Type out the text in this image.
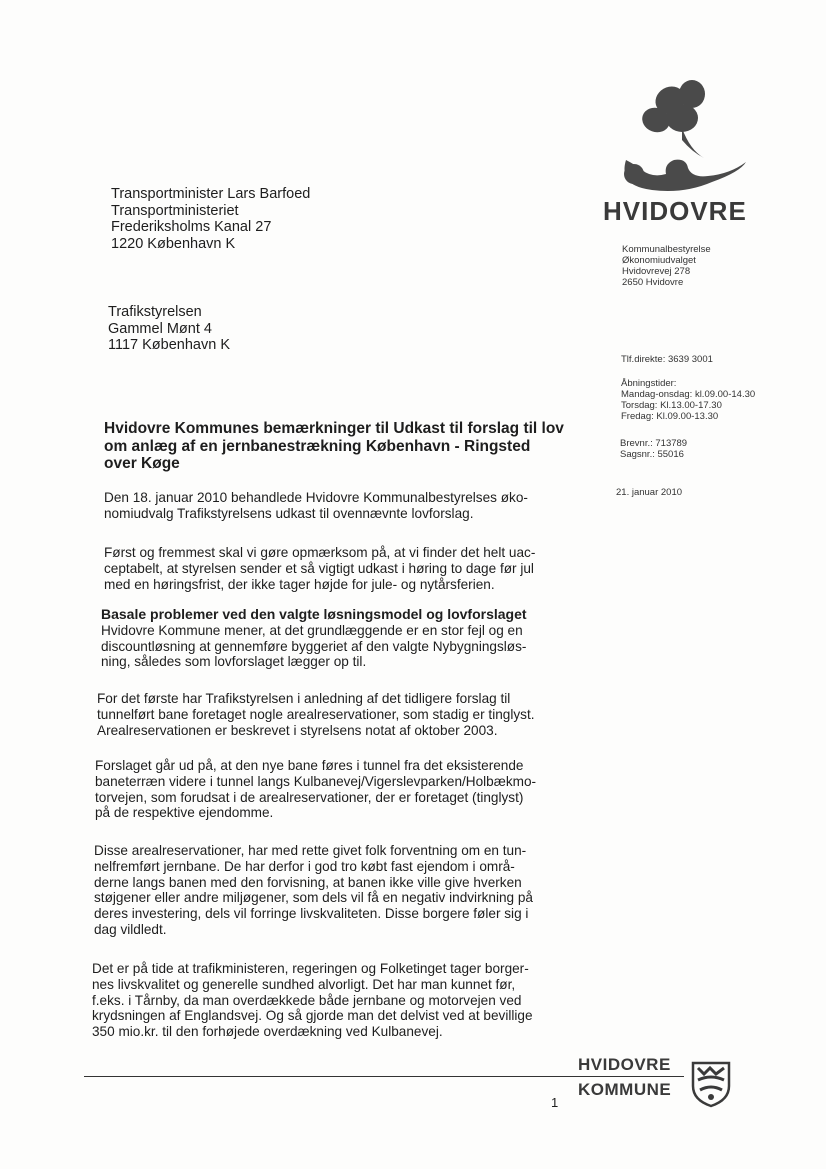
HVIDOVRE
Transportminister Lars Barfoed
Transportministeriet
Frederiksholms Kanal 27
1220 København K
Trafikstyrelsen
Gammel Mønt 4
1117 København K
Kommunalbestyrelse
Økonomiudvalget
Hvidovrevej 278
2650 Hvidovre
Tlf.direkte: 3639 3001
Åbningstider:
Mandag-onsdag: kl.09.00-14.30
Torsdag: Kl.13.00-17.30
Fredag: Kl.09.00-13.30
Brevnr.: 713789
Sagsnr.: 55016
21. januar 2010
Hvidovre Kommunes bemærkninger til Udkast til forslag til lov
om anlæg af en jernbanestrækning København - Ringsted
over Køge
Den 18. januar 2010 behandlede Hvidovre Kommunalbestyrelses øko-
nomiudvalg Trafikstyrelsens udkast til ovennævnte lovforslag.
Først og fremmest skal vi gøre opmærksom på, at vi finder det helt uac-
ceptabelt, at styrelsen sender et så vigtigt udkast i høring to dage før jul
med en høringsfrist, der ikke tager højde for jule- og nytårsferien.
Basale problemer ved den valgte løsningsmodel og lovforslaget
Hvidovre Kommune mener, at det grundlæggende er en stor fejl og en
discountløsning at gennemføre byggeriet af den valgte Nybygningsløs-
ning, således som lovforslaget lægger op til.
For det første har Trafikstyrelsen i anledning af det tidligere forslag til
tunnelført bane foretaget nogle arealreservationer, som stadig er tinglyst.
Arealreservationen er beskrevet i styrelsens notat af oktober 2003.
Forslaget går ud på, at den nye bane føres i tunnel fra det eksisterende
baneterræn videre i tunnel langs Kulbanevej/Vigerslevparken/Holbækmo-
torvejen, som forudsat i de arealreservationer, der er foretaget (tinglyst)
på de respektive ejendomme.
Disse arealreservationer, har med rette givet folk forventning om en tun-
nelfremført jernbane. De har derfor i god tro købt fast ejendom i områ-
derne langs banen med den forvisning, at banen ikke ville give hverken
støjgener eller andre miljøgener, som dels vil få en negativ indvirkning på
deres investering, dels vil forringe livskvaliteten. Disse borgere føler sig i
dag vildledt.
Det er på tide at trafikministeren, regeringen og Folketinget tager borger-
nes livskvalitet og generelle sundhed alvorligt. Det har man kunnet før,
f.eks. i Tårnby, da man overdækkede både jernbane og motorvejen ved
krydsningen af Englandsvej. Og så gjorde man det delvist ved at bevillige
350 mio.kr. til den forhøjede overdækning ved Kulbanevej.
HVIDOVRE
KOMMUNE
1
